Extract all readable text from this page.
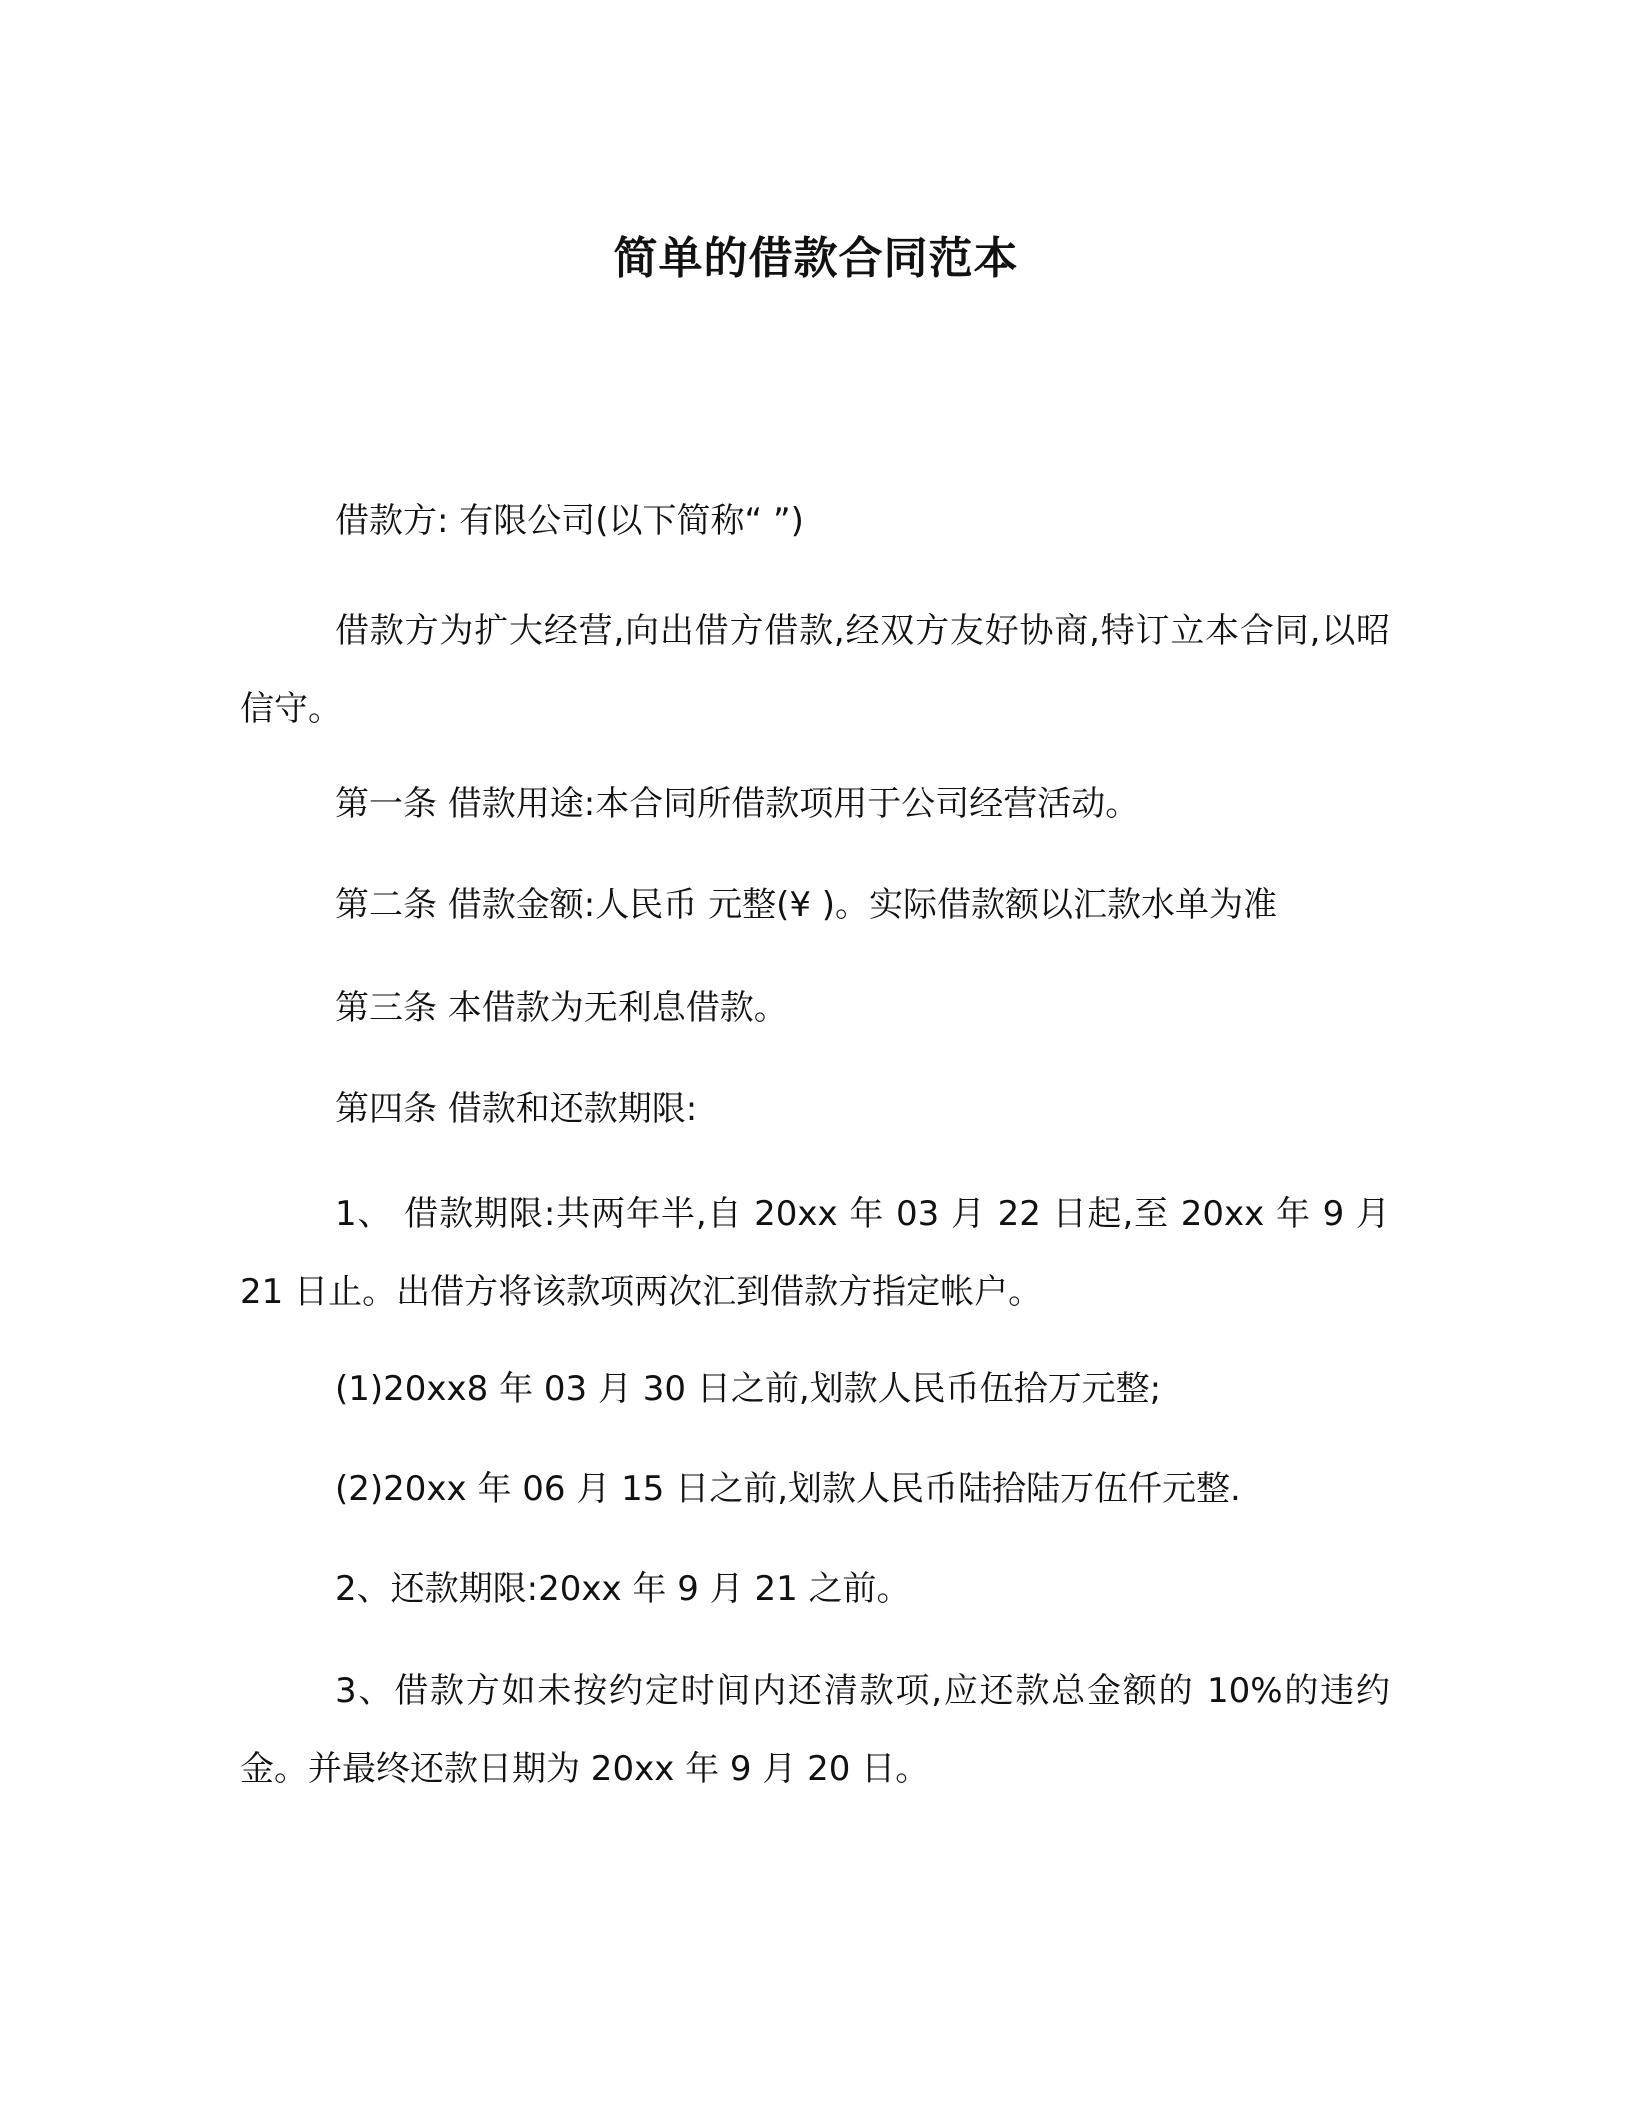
简单的借款合同范本

借款方: 有限公司(以下简称“ ”)

借款方为扩大经营,向出借方借款,经双方友好协商,特订立本合同,以昭信守。

第一条 借款用途:本合同所借款项用于公司经营活动。

第二条 借款金额:人民币 元整(¥ )。实际借款额以汇款水单为准

第三条 本借款为无利息借款。

第四条 借款和还款期限:

1、 借款期限:共两年半,自 20xx 年 03 月 22 日起,至 20xx 年 9 月 21 日止。出借方将该款项两次汇到借款方指定帐户。

(1)20xx8 年 03 月 30 日之前,划款人民币伍拾万元整;

(2)20xx 年 06 月 15 日之前,划款人民币陆拾陆万伍仟元整.

2、还款期限:20xx 年 9 月 21 之前。

3、借款方如未按约定时间内还清款项,应还款总金额的 10%的违约金。并最终还款日期为 20xx 年 9 月 20 日。
